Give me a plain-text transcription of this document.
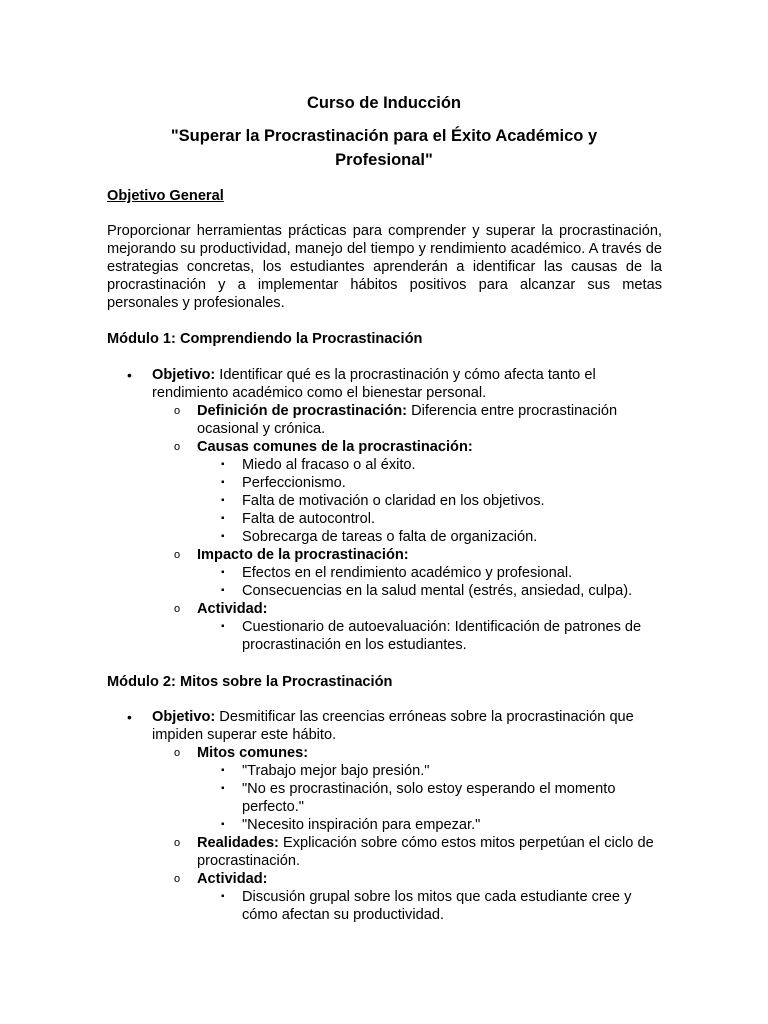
Curso de Inducción
"Superar la Procrastinación para el Éxito Académico y Profesional"
Objetivo General
Proporcionar herramientas prácticas para comprender y superar la procrastinación, mejorando su productividad, manejo del tiempo y rendimiento académico. A través de estrategias concretas, los estudiantes aprenderán a identificar las causas de la procrastinación y a implementar hábitos positivos para alcanzar sus metas personales y profesionales.
Módulo 1: Comprendiendo la Procrastinación
• Objetivo: Identificar qué es la procrastinación y cómo afecta tanto el rendimiento académico como el bienestar personal.
o Definición de procrastinación: Diferencia entre procrastinación ocasional y crónica.
o Causas comunes de la procrastinación:
▪ Miedo al fracaso o al éxito.
▪ Perfeccionismo.
▪ Falta de motivación o claridad en los objetivos.
▪ Falta de autocontrol.
▪ Sobrecarga de tareas o falta de organización.
o Impacto de la procrastinación:
▪ Efectos en el rendimiento académico y profesional.
▪ Consecuencias en la salud mental (estrés, ansiedad, culpa).
o Actividad:
▪ Cuestionario de autoevaluación: Identificación de patrones de procrastinación en los estudiantes.
Módulo 2: Mitos sobre la Procrastinación
• Objetivo: Desmitificar las creencias erróneas sobre la procrastinación que impiden superar este hábito.
o Mitos comunes:
▪ "Trabajo mejor bajo presión."
▪ "No es procrastinación, solo estoy esperando el momento perfecto."
▪ "Necesito inspiración para empezar."
o Realidades: Explicación sobre cómo estos mitos perpetúan el ciclo de procrastinación.
o Actividad:
▪ Discusión grupal sobre los mitos que cada estudiante cree y cómo afectan su productividad.
